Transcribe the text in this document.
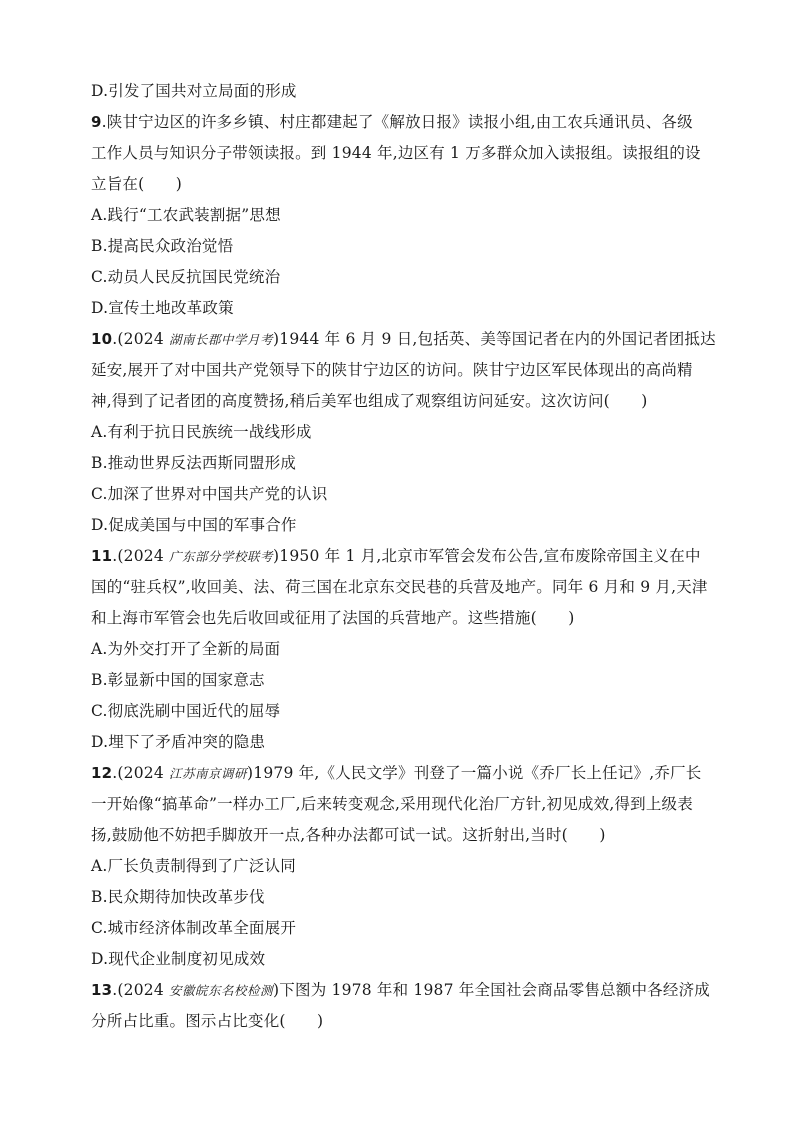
D.引发了国共对立局面的形成
9.陕甘宁边区的许多乡镇、村庄都建起了《解放日报》读报小组,由工农兵通讯员、各级
工作人员与知识分子带领读报。到 1944 年,边区有 1 万多群众加入读报组。读报组的设
立旨在(　　)
A.践行“工农武装割据”思想
B.提高民众政治觉悟
C.动员人民反抗国民党统治
D.宣传土地改革政策
10.(2024 湖南长郡中学月考)1944 年 6 月 9 日,包括英、美等国记者在内的外国记者团抵达
延安,展开了对中国共产党领导下的陕甘宁边区的访问。陕甘宁边区军民体现出的高尚精
神,得到了记者团的高度赞扬,稍后美军也组成了观察组访问延安。这次访问(　　)
A.有利于抗日民族统一战线形成
B.推动世界反法西斯同盟形成
C.加深了世界对中国共产党的认识
D.促成美国与中国的军事合作
11.(2024 广东部分学校联考)1950 年 1 月,北京市军管会发布公告,宣布废除帝国主义在中
国的“驻兵权”,收回美、法、荷三国在北京东交民巷的兵营及地产。同年 6 月和 9 月,天津
和上海市军管会也先后收回或征用了法国的兵营地产。这些措施(　　)
A.为外交打开了全新的局面
B.彰显新中国的国家意志
C.彻底洗刷中国近代的屈辱
D.埋下了矛盾冲突的隐患
12.(2024 江苏南京调研)1979 年,《人民文学》刊登了一篇小说《乔厂长上任记》,乔厂长
一开始像“搞革命”一样办工厂,后来转变观念,采用现代化治厂方针,初见成效,得到上级表
扬,鼓励他不妨把手脚放开一点,各种办法都可试一试。这折射出,当时(　　)
A.厂长负责制得到了广泛认同
B.民众期待加快改革步伐
C.城市经济体制改革全面展开
D.现代企业制度初见成效
13.(2024 安徽皖东名校检测)下图为 1978 年和 1987 年全国社会商品零售总额中各经济成
分所占比重。图示占比变化(　　)
